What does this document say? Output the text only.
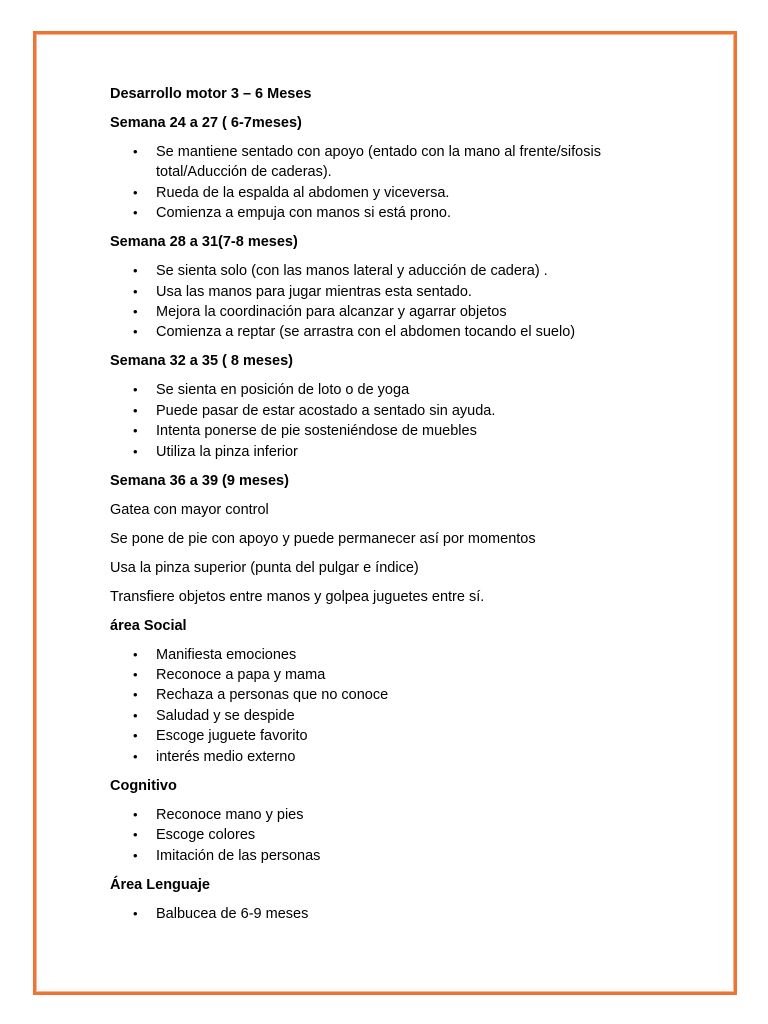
Desarrollo motor 3 – 6 Meses
Semana 24 a 27 ( 6-7meses)
• Se mantiene sentado con apoyo (entado con la mano al frente/sifosis total/Aducción de caderas).
• Rueda de la espalda al abdomen y viceversa.
• Comienza a empuja con manos si está prono.
Semana 28 a 31(7-8 meses)
• Se sienta solo (con las manos lateral y aducción de cadera) .
• Usa las manos para jugar mientras esta sentado.
• Mejora la coordinación para alcanzar y agarrar objetos
• Comienza a reptar (se arrastra con el abdomen tocando el suelo)
Semana 32 a 35 ( 8 meses)
• Se sienta en posición de loto o de yoga
• Puede pasar de estar acostado a sentado sin ayuda.
• Intenta ponerse de pie sosteniéndose de muebles
• Utiliza la pinza inferior
Semana 36 a 39 (9 meses)
Gatea con mayor control
Se pone de pie con apoyo y puede permanecer así por momentos
Usa la pinza superior (punta del pulgar e índice)
Transfiere objetos entre manos y golpea juguetes entre sí.
área Social
• Manifiesta emociones
• Reconoce a papa y mama
• Rechaza a personas que no conoce
• Saludad y se despide
• Escoge juguete favorito
• interés medio externo
Cognitivo
• Reconoce mano y pies
• Escoge colores
• Imitación de las personas
Área Lenguaje
• Balbucea de 6-9 meses
